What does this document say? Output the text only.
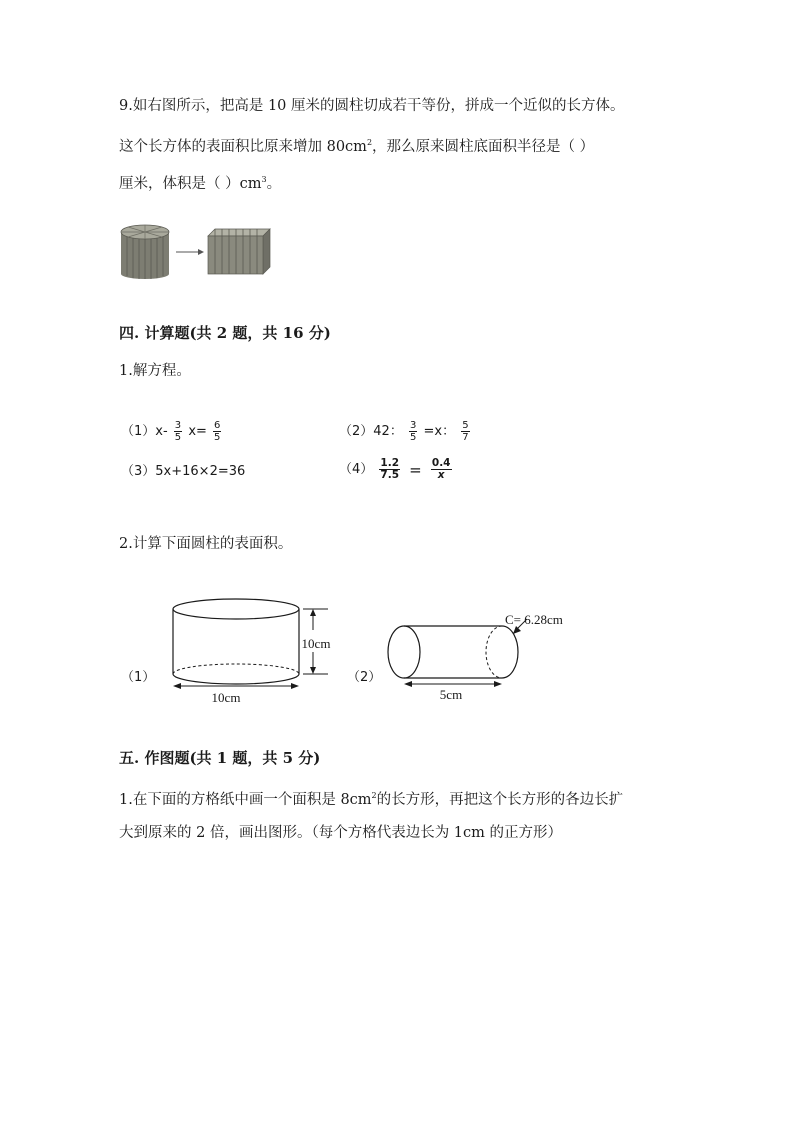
9.如右图所示，把高是 10 厘米的圆柱切成若干等份，拼成一个近似的长方体。
这个长方体的表面积比原来增加 $80cm^2$，那么原来圆柱底面积半径是（ ）
厘米，体积是（ ）$cm^3$。
四. 计算题(共 2 题，共 16 分)
1.解方程。
$(1)x- \frac{3}{5} x= \frac{6}{5}$	（2）42： $\frac{3}{5} =x$： $\frac{5}{7}$
（3）5x+16×2=36	$(4) \frac{1.2}{7.5} = \frac{0.4}{x}$
2.计算下面圆柱的表面积。
（1）
10cm
10cm
（2）
C= 6.28cm
5cm
五. 作图题(共 1 题，共 5 分)
1.在下面的方格纸中画一个面积是 $8cm^2$的长方形，再把这个长方形的各边长扩
大到原来的 2 倍，画出图形。（每个方格代表边长为 1cm 的正方形）
